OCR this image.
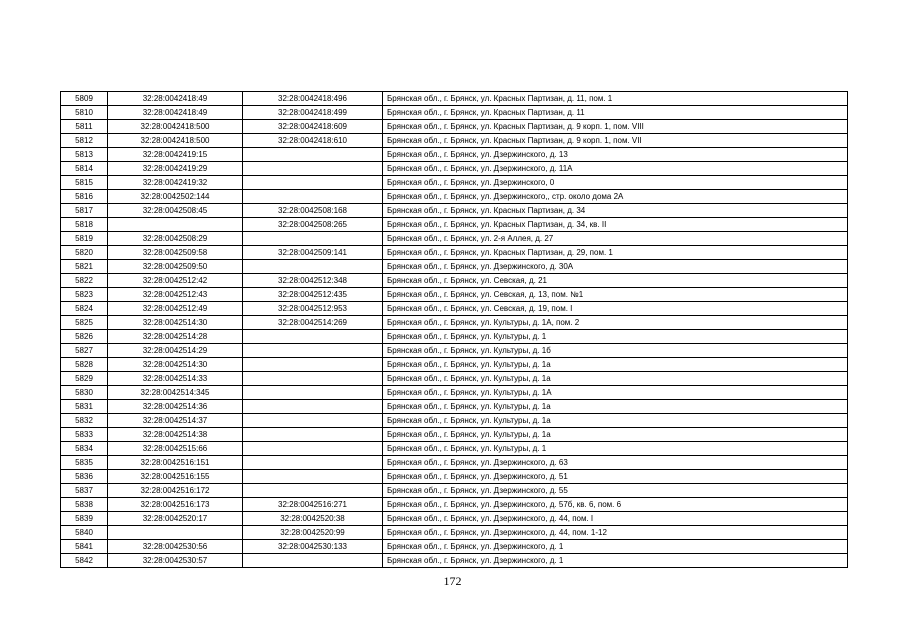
5809	32:28:0042418:49	32:28:0042418:496	Брянская обл., г. Брянск, ул. Красных Партизан, д. 11, пом. 1
5810	32:28:0042418:49	32:28:0042418:499	Брянская обл., г. Брянск, ул. Красных Партизан, д. 11
5811	32:28:0042418:500	32:28:0042418:609	Брянская обл., г. Брянск, ул. Красных Партизан, д. 9 корп. 1, пом. VIII
5812	32:28:0042418:500	32:28:0042418:610	Брянская обл., г. Брянск, ул. Красных Партизан, д. 9 корп. 1, пом. VII
5813	32:28:0042419:15		Брянская обл., г. Брянск, ул. Дзержинского, д. 13
5814	32:28:0042419:29		Брянская обл., г. Брянск, ул. Дзержинского, д. 11А
5815	32:28:0042419:32		Брянская обл., г. Брянск, ул. Дзержинского, 0
5816	32:28:0042502:144		Брянская обл., г. Брянск, ул. Дзержинского,, стр. около дома 2А
5817	32:28:0042508:45	32:28:0042508:168	Брянская обл., г. Брянск, ул. Красных Партизан, д. 34
5818		32:28:0042508:265	Брянская обл., г. Брянск, ул. Красных Партизан, д. 34, кв. II
5819	32:28:0042508:29		Брянская обл., г. Брянск, ул. 2-я Аллея, д. 27
5820	32:28:0042509:58	32:28:0042509:141	Брянская обл., г. Брянск, ул. Красных Партизан, д. 29, пом. 1
5821	32:28:0042509:50		Брянская обл., г. Брянск, ул. Дзержинского, д. 30А
5822	32:28:0042512:42	32:28:0042512:348	Брянская обл., г. Брянск, ул. Севская, д. 21
5823	32:28:0042512:43	32:28:0042512:435	Брянская обл., г. Брянск, ул. Севская, д. 13, пом. №1
5824	32:28:0042512:49	32:28:0042512:953	Брянская обл., г. Брянск, ул. Севская, д. 19, пом. I
5825	32:28:0042514:30	32:28:0042514:269	Брянская обл., г. Брянск, ул. Культуры, д. 1А, пом. 2
5826	32:28:0042514:28		Брянская обл., г. Брянск, ул. Культуры, д. 1
5827	32:28:0042514:29		Брянская обл., г. Брянск, ул. Культуры, д. 1б
5828	32:28:0042514:30		Брянская обл., г. Брянск, ул. Культуры, д. 1а
5829	32:28:0042514:33		Брянская обл., г. Брянск, ул. Культуры, д. 1а
5830	32:28:0042514:345		Брянская обл., г. Брянск, ул. Культуры, д. 1А
5831	32:28:0042514:36		Брянская обл., г. Брянск, ул. Культуры, д. 1а
5832	32:28:0042514:37		Брянская обл., г. Брянск, ул. Культуры, д. 1а
5833	32:28:0042514:38		Брянская обл., г. Брянск, ул. Культуры, д. 1а
5834	32:28:0042515:66		Брянская обл., г. Брянск, ул. Культуры, д. 1
5835	32:28:0042516:151		Брянская обл., г. Брянск, ул. Дзержинского, д. 63
5836	32:28:0042516:155		Брянская обл., г. Брянск, ул. Дзержинского, д. 51
5837	32:28:0042516:172		Брянская обл., г. Брянск, ул. Дзержинского, д. 55
5838	32:28:0042516:173	32:28:0042516:271	Брянская обл., г. Брянск, ул. Дзержинского, д. 57б, кв. 6, пом. 6
5839	32:28:0042520:17	32:28:0042520:38	Брянская обл., г. Брянск, ул. Дзержинского, д. 44, пом. I
5840		32:28:0042520:99	Брянская обл., г. Брянск, ул. Дзержинского, д. 44, пом. 1-12
5841	32:28:0042530:56	32:28:0042530:133	Брянская обл., г. Брянск, ул. Дзержинского, д. 1
5842	32:28:0042530:57		Брянская обл., г. Брянск, ул. Дзержинского, д. 1
172
